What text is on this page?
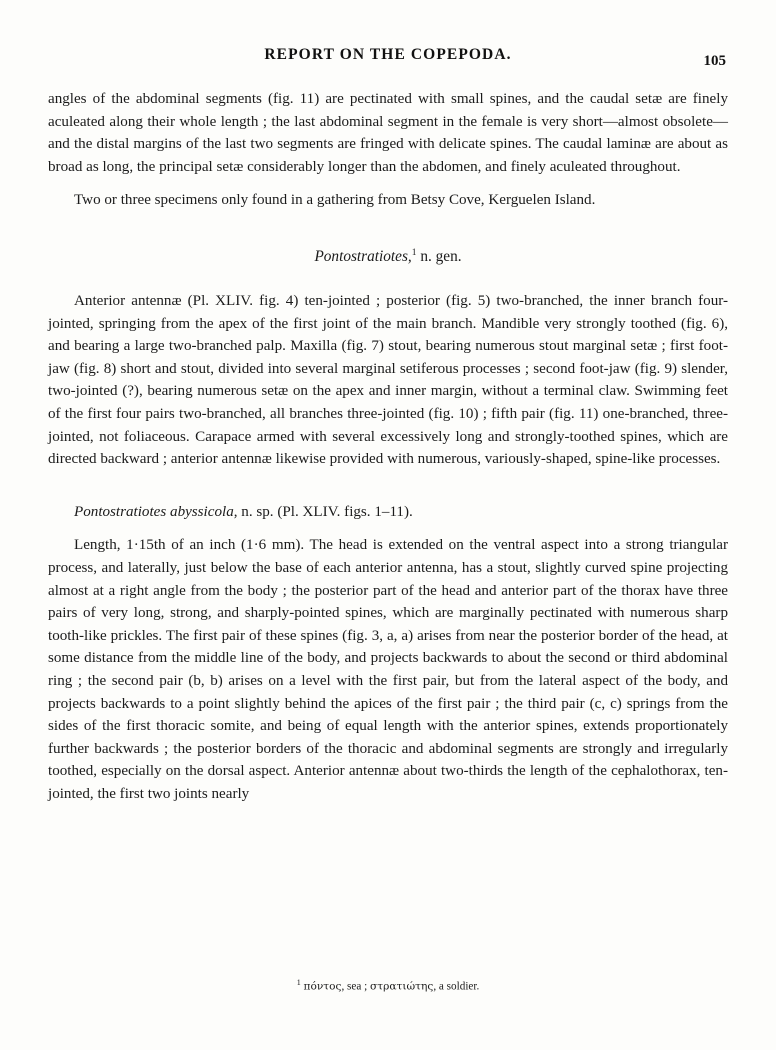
REPORT ON THE COPEPODA.	105

angles of the abdominal segments (fig. 11) are pectinated with small spines, and the caudal setæ are finely aculeated along their whole length ; the last abdominal segment in the female is very short—almost obsolete—and the distal margins of the last two segments are fringed with delicate spines. The caudal laminæ are about as broad as long, the principal setæ considerably longer than the abdomen, and finely aculeated throughout.

Two or three specimens only found in a gathering from Betsy Cove, Kerguelen Island.

Pontostratiotes,$^1$ n. gen.

Anterior antennæ (Pl. XLIV. fig. 4) ten-jointed ; posterior (fig. 5) two-branched, the inner branch four-jointed, springing from the apex of the first joint of the main branch. Mandible very strongly toothed (fig. 6), and bearing a large two-branched palp. Maxilla (fig. 7) stout, bearing numerous stout marginal setæ ; first foot-jaw (fig. 8) short and stout, divided into several marginal setiferous processes ; second foot-jaw (fig. 9) slender, two-jointed (?), bearing numerous setæ on the apex and inner margin, without a terminal claw. Swimming feet of the first four pairs two-branched, all branches three-jointed (fig. 10) ; fifth pair (fig. 11) one-branched, three-jointed, not foliaceous. Carapace armed with several excessively long and strongly-toothed spines, which are directed backward ; anterior antennæ likewise provided with numerous, variously-shaped, spine-like processes.

Pontostratiotes abyssicola, n. sp. (Pl. XLIV. figs. 1–11).

Length, 1·15th of an inch (1·6 mm). The head is extended on the ventral aspect into a strong triangular process, and laterally, just below the base of each anterior antenna, has a stout, slightly curved spine projecting almost at a right angle from the body ; the posterior part of the head and anterior part of the thorax have three pairs of very long, strong, and sharply-pointed spines, which are marginally pectinated with numerous sharp tooth-like prickles. The first pair of these spines (fig. 3, a, a) arises from near the posterior border of the head, at some distance from the middle line of the body, and projects backwards to about the second or third abdominal ring ; the second pair (b, b) arises on a level with the first pair, but from the lateral aspect of the body, and projects backwards to a point slightly behind the apices of the first pair ; the third pair (c, c) springs from the sides of the first thoracic somite, and being of equal length with the anterior spines, extends proportionately further backwards ; the posterior borders of the thoracic and abdominal segments are strongly and irregularly toothed, especially on the dorsal aspect. Anterior antennæ about two-thirds the length of the cephalothorax, ten-jointed, the first two joints nearly

$^1$ πόντος, sea ; στρατιώτης, a soldier.
